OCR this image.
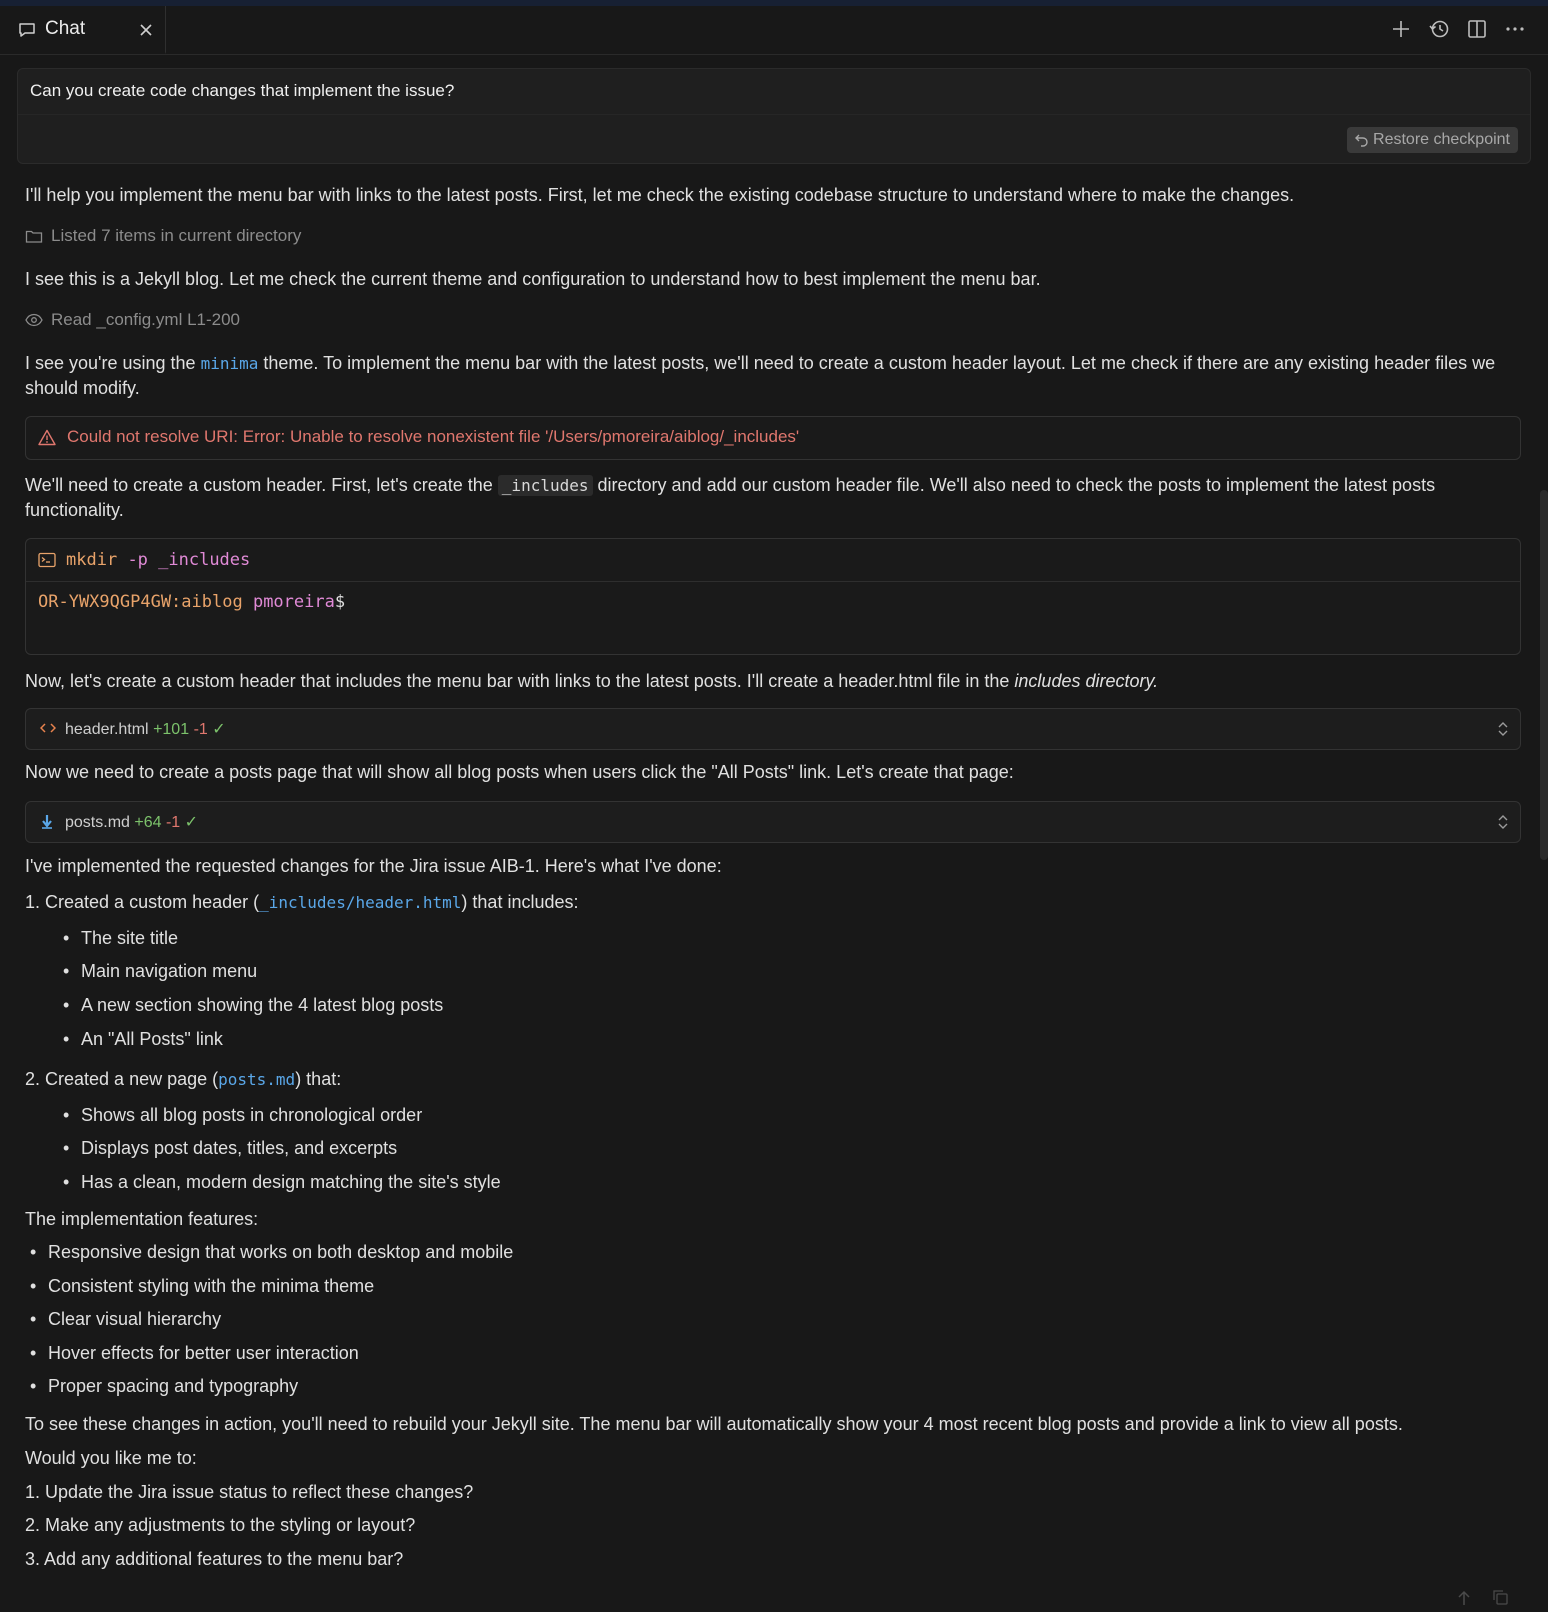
Chat
Can you create code changes that implement the issue?
Restore checkpoint
I'll help you implement the menu bar with links to the latest posts. First, let me check the existing codebase structure to understand where to make the changes.
Listed 7 items in current directory
I see this is a Jekyll blog. Let me check the current theme and configuration to understand how to best implement the menu bar.
Read _config.yml L1-200
I see you're using the minima theme. To implement the menu bar with the latest posts, we'll need to create a custom header layout. Let me check if there are any existing header files we should modify.
Could not resolve URI: Error: Unable to resolve nonexistent file '/Users/pmoreira/aiblog/_includes'
We'll need to create a custom header. First, let's create the _includes directory and add our custom header file. We'll also need to check the posts to implement the latest posts functionality.
mkdir -p _includes
OR-YWX9QGP4GW:aiblog pmoreira$
Now, let's create a custom header that includes the menu bar with links to the latest posts. I'll create a header.html file in the includes directory.
header.html +101 -1 ✓
Now we need to create a posts page that will show all blog posts when users click the "All Posts" link. Let's create that page:
posts.md +64 -1 ✓
I've implemented the requested changes for the Jira issue AIB-1. Here's what I've done:
1. Created a custom header (_includes/header.html) that includes:
• The site title
• Main navigation menu
• A new section showing the 4 latest blog posts
• An "All Posts" link
2. Created a new page (posts.md) that:
• Shows all blog posts in chronological order
• Displays post dates, titles, and excerpts
• Has a clean, modern design matching the site's style
The implementation features:
• Responsive design that works on both desktop and mobile
• Consistent styling with the minima theme
• Clear visual hierarchy
• Hover effects for better user interaction
• Proper spacing and typography
To see these changes in action, you'll need to rebuild your Jekyll site. The menu bar will automatically show your 4 most recent blog posts and provide a link to view all posts.
Would you like me to:
1. Update the Jira issue status to reflect these changes?
2. Make any adjustments to the styling or layout?
3. Add any additional features to the menu bar?
